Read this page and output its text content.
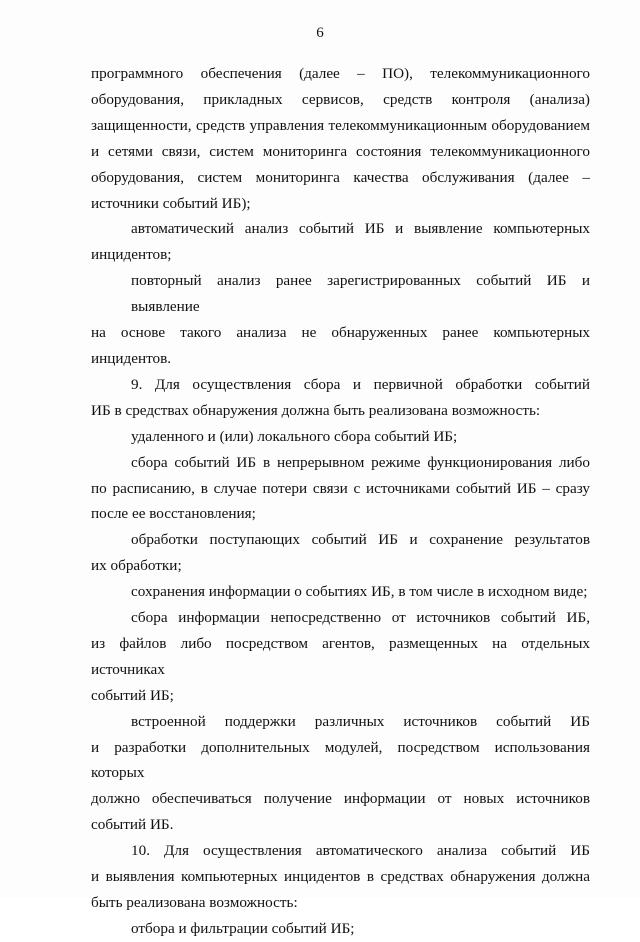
6
программного обеспечения (далее – ПО), телекоммуникационного
оборудования, прикладных сервисов, средств контроля (анализа)
защищенности, средств управления телекоммуникационным оборудованием
и сетями связи, систем мониторинга состояния телекоммуникационного
оборудования, систем мониторинга качества обслуживания (далее –
источники событий ИБ);
автоматический анализ событий ИБ и выявление компьютерных
инцидентов;
повторный анализ ранее зарегистрированных событий ИБ и выявление
на основе такого анализа не обнаруженных ранее компьютерных инцидентов.
9. Для осуществления сбора и первичной обработки событий
ИБ в средствах обнаружения должна быть реализована возможность:
удаленного и (или) локального сбора событий ИБ;
сбора событий ИБ в непрерывном режиме функционирования либо
по расписанию, в случае потери связи с источниками событий ИБ – сразу
после ее восстановления;
обработки поступающих событий ИБ и сохранение результатов
их обработки;
сохранения информации о событиях ИБ, в том числе в исходном виде;
сбора информации непосредственно от источников событий ИБ,
из файлов либо посредством агентов, размещенных на отдельных источниках
событий ИБ;
встроенной поддержки различных источников событий ИБ
и разработки дополнительных модулей, посредством использования которых
должно обеспечиваться получение информации от новых источников
событий ИБ.
10. Для осуществления автоматического анализа событий ИБ
и выявления компьютерных инцидентов в средствах обнаружения должна
быть реализована возможность:
отбора и фильтрации событий ИБ;
